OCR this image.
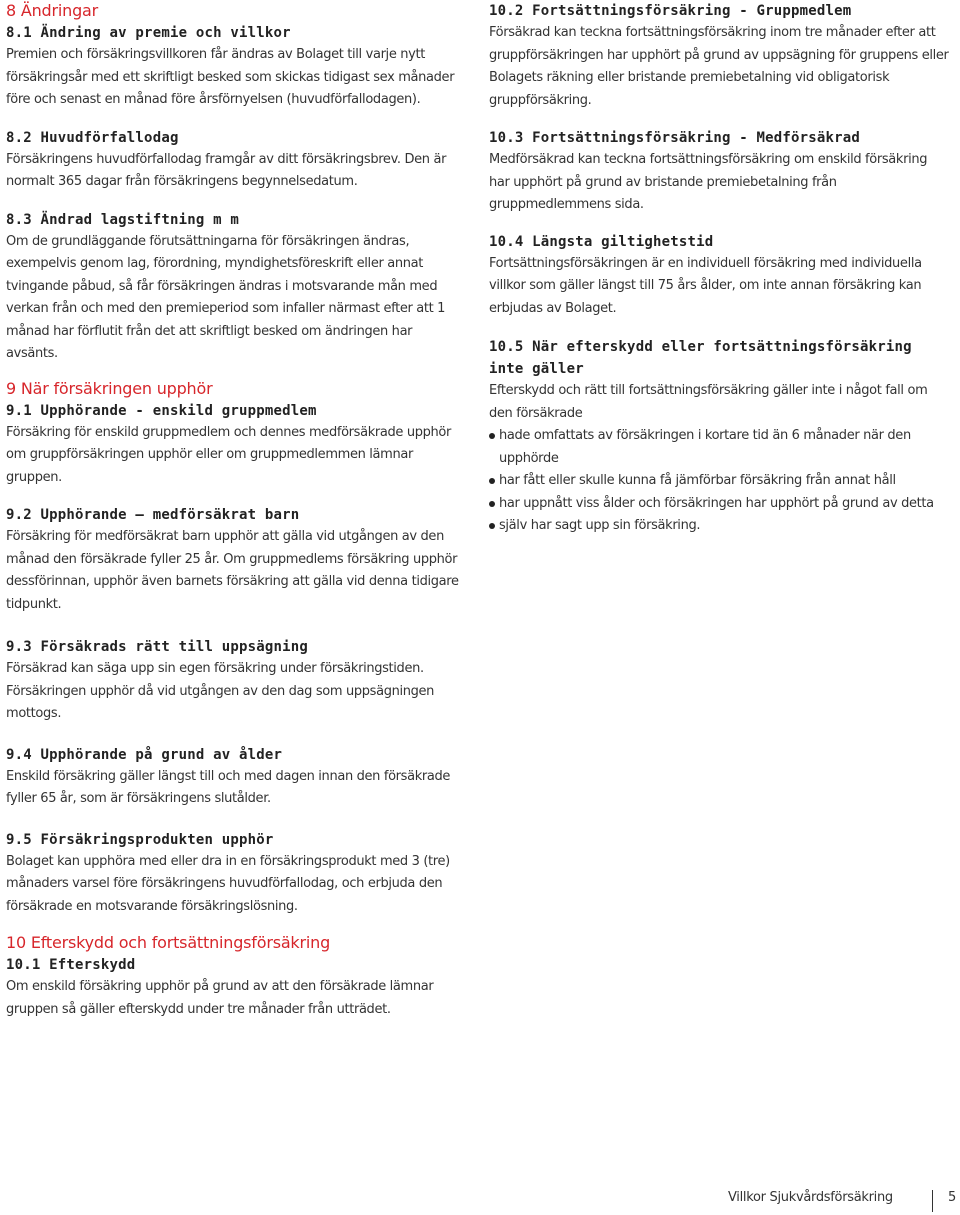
8 Ändringar
8.1 Ändring av premie och villkor

Premien och försäkringsvillkoren får ändras av Bolaget till varje nytt försäkringsår med ett skriftligt besked som skickas tidigast sex månader före och senast en månad före årsförnyelsen (huvudförfallodagen).

8.2 Huvudförfallodag

Försäkringens huvudförfallodag framgår av ditt försäkringsbrev. Den är normalt 365 dagar från försäkringens begynnelsedatum.

8.3 Ändrad lagstiftning m m

Om de grundläggande förutsättningarna för försäkringen ändras, exempelvis genom lag, förordning, myndighetsföreskrift eller annat tvingande påbud, så får försäkringen ändras i motsvarande mån med verkan från och med den premieperiod som infaller närmast efter att 1 månad har förflutit från det att skriftligt besked om ändringen har avsänts.

9 När försäkringen upphör
9.1 Upphörande - enskild gruppmedlem

Försäkring för enskild gruppmedlem och dennes medförsäkrade upphör om gruppförsäkringen upphör eller om gruppmedlemmen lämnar gruppen.

9.2 Upphörande – medförsäkrat barn

Försäkring för medförsäkrat barn upphör att gälla vid utgången av den månad den försäkrade fyller 25 år. Om gruppmedlems försäkring upphör dessförinnan, upphör även barnets försäkring att gälla vid denna tidigare tidpunkt.

9.3 Försäkrads rätt till uppsägning

Försäkrad kan säga upp sin egen försäkring under försäkringstiden. Försäkringen upphör då vid utgången av den dag som uppsägningen mottogs.

9.4 Upphörande på grund av ålder

Enskild försäkring gäller längst till och med dagen innan den försäkrade fyller 65 år, som är försäkringens slutålder.

9.5 Försäkringsprodukten upphör

Bolaget kan upphöra med eller dra in en försäkringsprodukt med 3 (tre) månaders varsel före försäkringens huvudförfallodag, och erbjuda den försäkrade en motsvarande försäkringslösning.

10 Efterskydd och fortsättningsförsäkring
10.1 Efterskydd

Om enskild försäkring upphör på grund av att den försäkrade lämnar gruppen så gäller efterskydd under tre månader från utträdet.

10.2 Fortsättningsförsäkring - Gruppmedlem

Försäkrad kan teckna fortsättningsförsäkring inom tre månader efter att gruppförsäkringen har upphört på grund av uppsägning för gruppens eller Bolagets räkning eller bristande premiebetalning vid obligatorisk gruppförsäkring.

10.3 Fortsättningsförsäkring - Medförsäkrad

Medförsäkrad kan teckna fortsättningsförsäkring om enskild försäkring har upphört på grund av bristande premiebetalning från gruppmedlemmens sida.

10.4 Längsta giltighetstid

Fortsättningsförsäkringen är en individuell försäkring med individuella villkor som gäller längst till 75 års ålder, om inte annan försäkring kan erbjudas av Bolaget.

10.5 När efterskydd eller fortsättningsförsäkring inte gäller

Efterskydd och rätt till fortsättningsförsäkring gäller inte i något fall om den försäkrade

hade omfattats av försäkringen i kortare tid än 6 månader när den upphörde
har fått eller skulle kunna få jämförbar försäkring från annat håll
har uppnått viss ålder och försäkringen har upphört på grund av detta
själv har sagt upp sin försäkring.
Villkor Sjukvårdsförsäkring	5
